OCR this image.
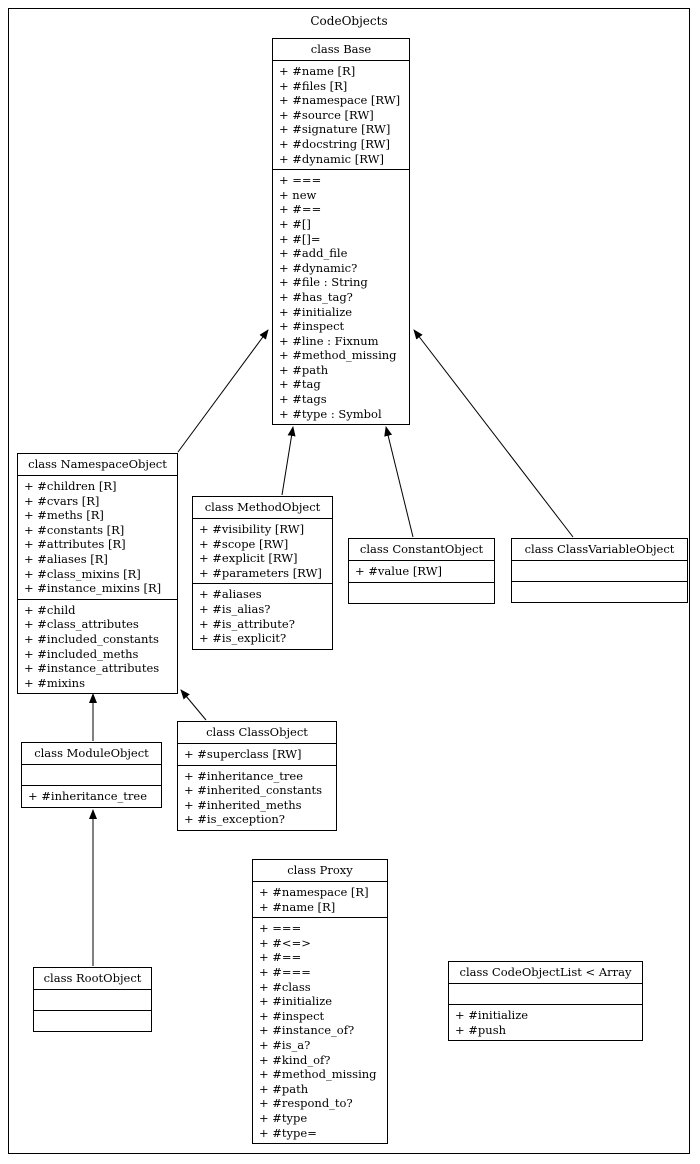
CodeObjects
class Base
+ #name [R]
+ #files [R]
+ #namespace [RW]
+ #source [RW]
+ #signature [RW]
+ #docstring [RW]
+ #dynamic [RW]
+ ===
+ new
+ #==
+ #[]
+ #[]=
+ #add_file
+ #dynamic?
+ #file : String
+ #has_tag?
+ #initialize
+ #inspect
+ #line : Fixnum
+ #method_missing
+ #path
+ #tag
+ #tags
+ #type : Symbol
class NamespaceObject
+ #children [R]
+ #cvars [R]
+ #meths [R]
+ #constants [R]
+ #attributes [R]
+ #aliases [R]
+ #class_mixins [R]
+ #instance_mixins [R]
+ #child
+ #class_attributes
+ #included_constants
+ #included_meths
+ #instance_attributes
+ #mixins
class MethodObject
+ #visibility [RW]
+ #scope [RW]
+ #explicit [RW]
+ #parameters [RW]
+ #aliases
+ #is_alias?
+ #is_attribute?
+ #is_explicit?
class ConstantObject
+ #value [RW]
class ClassVariableObject
class ModuleObject
+ #inheritance_tree
class ClassObject
+ #superclass [RW]
+ #inheritance_tree
+ #inherited_constants
+ #inherited_meths
+ #is_exception?
class RootObject
class Proxy
+ #namespace [R]
+ #name [R]
+ ===
+ #<=>
+ #==
+ #===
+ #class
+ #initialize
+ #inspect
+ #instance_of?
+ #is_a?
+ #kind_of?
+ #method_missing
+ #path
+ #respond_to?
+ #type
+ #type=
class CodeObjectList < Array
+ #initialize
+ #push
